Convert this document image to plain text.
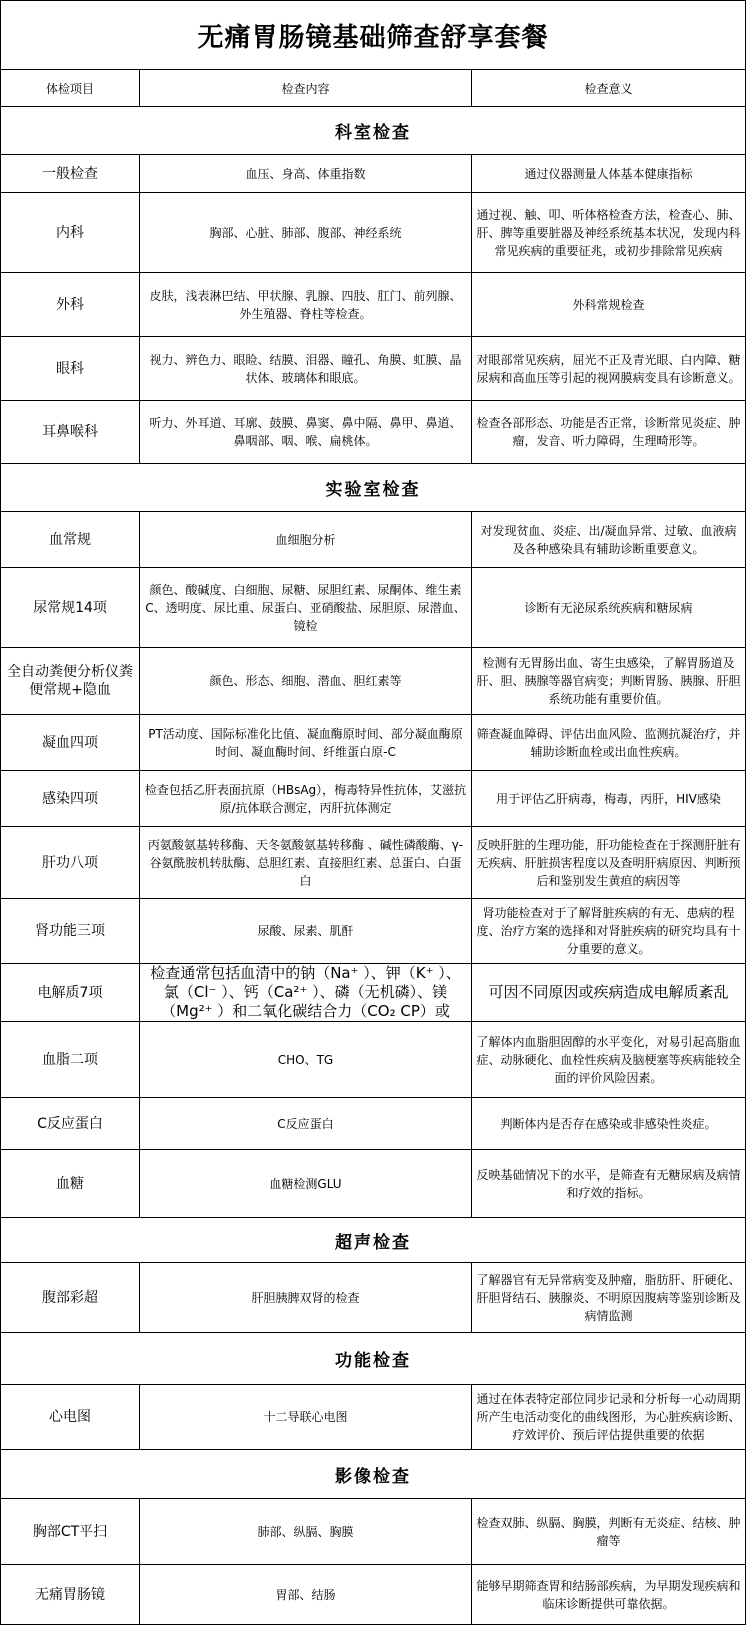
无痛胃肠镜基础筛查舒享套餐		
体检项目	检查内容	检查意义
科室检查		
一般检查	血压、身高、体重指数	通过仪器测量人体基本健康指标
内科	胸部、心脏、肺部、腹部、神经系统	通过视、触、叩、听体格检查方法，检查心、肺、肝、脾等重要脏器及神经系统基本状况，发现内科常见疾病的重要征兆，或初步排除常见疾病
外科	皮肤，浅表淋巴结、甲状腺、乳腺、四肢、肛门、前列腺、外生殖器、脊柱等检查。	外科常规检查
眼科	视力、辨色力、眼睑、结膜、泪器、瞳孔、角膜、虹膜、晶状体、玻璃体和眼底。	对眼部常见疾病，屈光不正及青光眼、白内障、糖尿病和高血压等引起的视网膜病变具有诊断意义。
耳鼻喉科	听力、外耳道、耳廓、鼓膜、鼻窦、鼻中隔、鼻甲、鼻道、鼻咽部、咽、喉、扁桃体。	检查各部形态、功能是否正常，诊断常见炎症、肿瘤，发音、听力障碍，生理畸形等。
实验室检查		
血常规	血细胞分析	对发现贫血、炎症、出/凝血异常、过敏、血液病及各种感染具有辅助诊断重要意义。
尿常规14项	颜色、酸碱度、白细胞、尿糖、尿胆红素、尿酮体、维生素C、透明度、尿比重、尿蛋白、亚硝酸盐、尿胆原、尿潜血、镜检	诊断有无泌尿系统疾病和糖尿病
全自动粪便分析仪粪便常规+隐血	颜色、形态、细胞、潜血、胆红素等	检测有无胃肠出血、寄生虫感染，了解胃肠道及肝、胆、胰腺等器官病变；判断胃肠、胰腺、肝胆系统功能有重要价值。
凝血四项	PT活动度、国际标准化比值、凝血酶原时间、部分凝血酶原时间、凝血酶时间、纤维蛋白原-C	筛查凝血障碍、评估出血风险、监测抗凝治疗，并辅助诊断血栓或出血性疾病。
感染四项	检查包括乙肝表面抗原（HBsAg），梅毒特异性抗体，艾滋抗原/抗体联合测定，丙肝抗体测定	用于评估乙肝病毒，梅毒，丙肝，HIV感染
肝功八项	丙氨酸氨基转移酶、天冬氨酸氨基转移酶 、碱性磷酸酶、γ-谷氨酰胺机转肽酶、总胆红素、直接胆红素、总蛋白、白蛋白	反映肝脏的生理功能，肝功能检查在于探测肝脏有无疾病、肝脏损害程度以及查明肝病原因、判断预后和鉴别发生黄疸的病因等
肾功能三项	尿酸、尿素、肌酐	肾功能检查对于了解肾脏疾病的有无、患病的程度、治疗方案的选择和对肾脏疾病的研究均具有十分重要的意义。
电解质7项	检查通常包括血清中的钠（Na⁺ ）、钾（K⁺ ）、氯（Cl⁻ ）、钙（Ca²⁺ ）、磷（无机磷）、镁（Mg²⁺ ）和二氧化碳结合力（CO₂ CP）或	可因不同原因或疾病造成电解质紊乱
血脂二项	CHO、TG	了解体内血脂胆固醇的水平变化，对易引起高脂血症、动脉硬化、血栓性疾病及脑梗塞等疾病能较全面的评价风险因素。
C反应蛋白	C反应蛋白	判断体内是否存在感染或非感染性炎症。
血糖	血糖检测GLU	反映基础情况下的水平，是筛查有无糖尿病及病情和疗效的指标。
超声检查		
腹部彩超	肝胆胰脾双肾的检查	了解器官有无异常病变及肿瘤，脂肪肝、肝硬化、肝胆肾结石、胰腺炎、不明原因腹病等鉴别诊断及病情监测
功能检查		
心电图	十二导联心电图	通过在体表特定部位同步记录和分析每一心动周期所产生电活动变化的曲线图形，为心脏疾病诊断、疗效评价、预后评估提供重要的依据
影像检查		
胸部CT平扫	肺部、纵膈、胸膜	检查双肺、纵膈、胸膜，判断有无炎症、结核、肿瘤等
无痛胃肠镜	胃部、结肠	能够早期筛查胃和结肠部疾病，为早期发现疾病和临床诊断提供可靠依据。
